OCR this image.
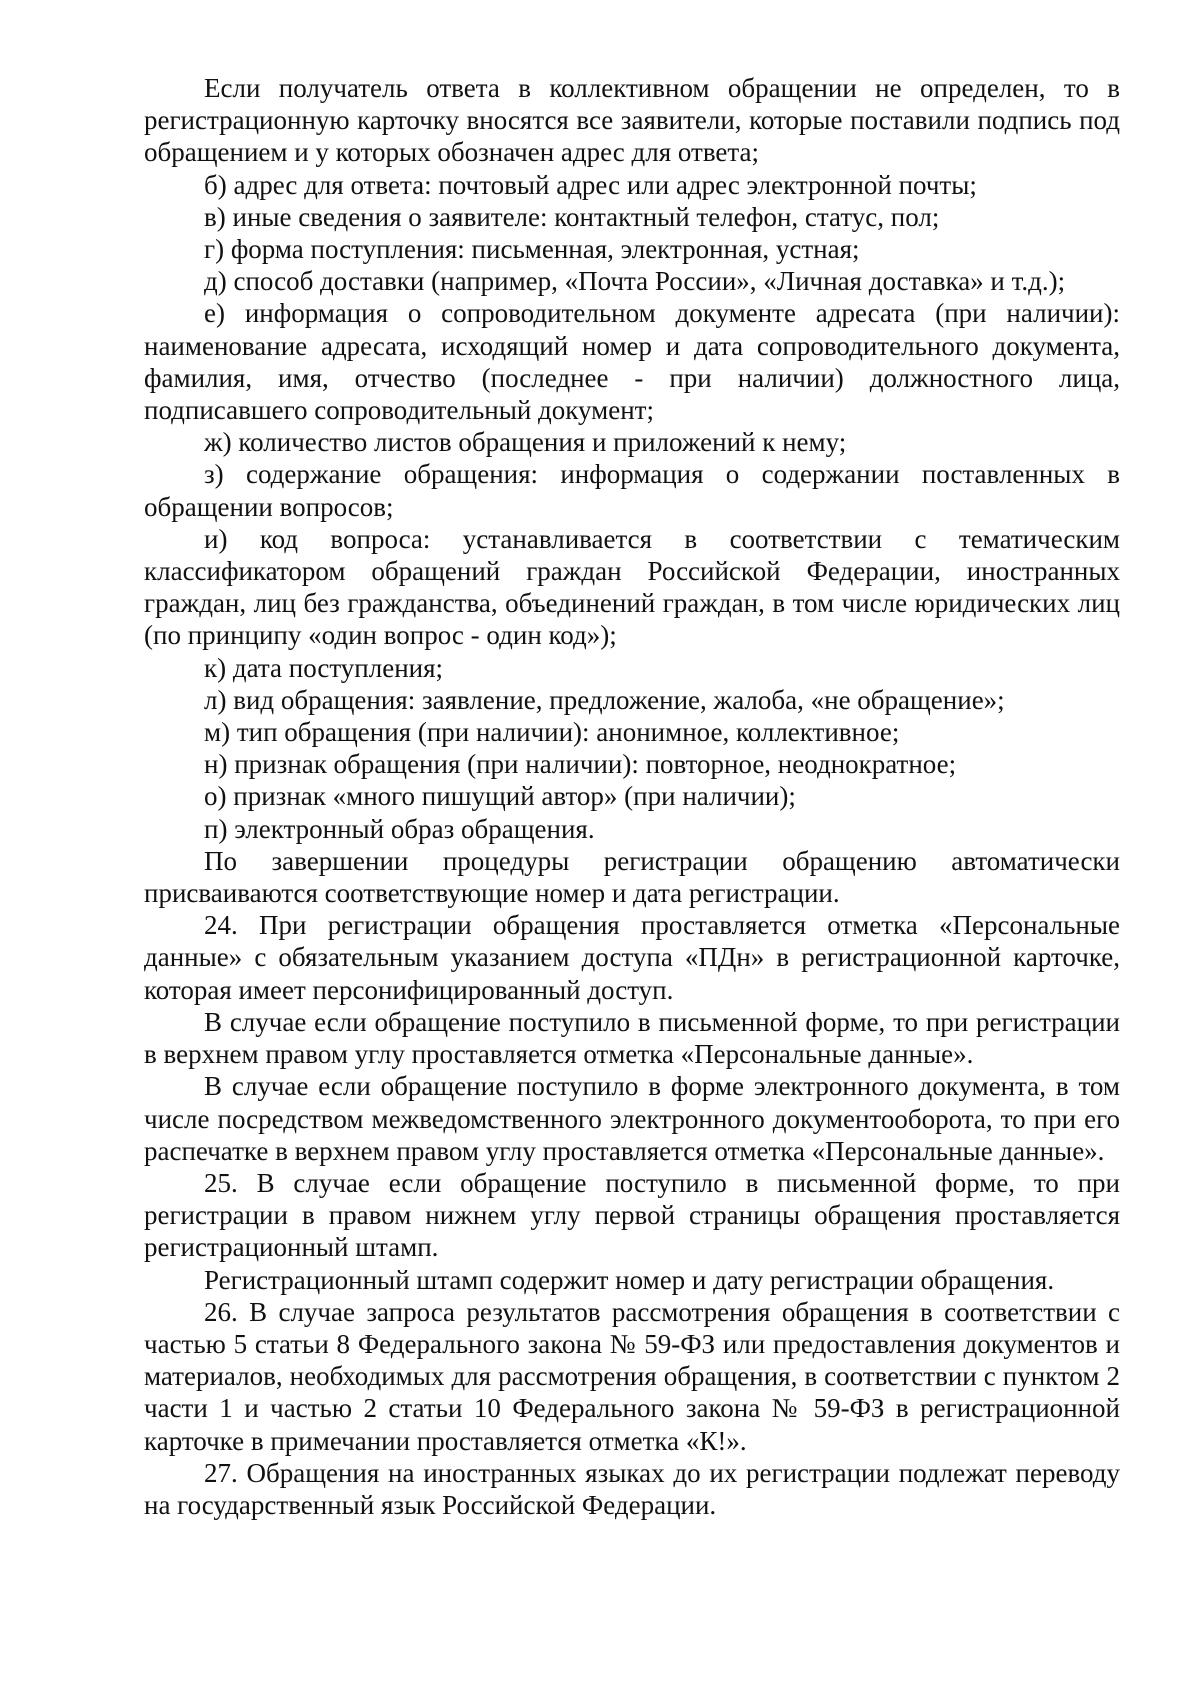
Если получатель ответа в коллективном обращении не определен, то в регистрационную карточку вносятся все заявители, которые поставили подпись под обращением и у которых обозначен адрес для ответа;

б) адрес для ответа: почтовый адрес или адрес электронной почты;

в) иные сведения о заявителе: контактный телефон, статус, пол;

г) форма поступления: письменная, электронная, устная;

д) способ доставки (например, «Почта России», «Личная доставка» и т.д.);

е) информация о сопроводительном документе адресата (при наличии): наименование адресата, исходящий номер и дата сопроводительного документа, фамилия, имя, отчество (последнее - при наличии) должностного лица, подписавшего сопроводительный документ;

ж) количество листов обращения и приложений к нему;

з) содержание обращения: информация о содержании поставленных в обращении вопросов;

и) код вопроса: устанавливается в соответствии с тематическим классификатором обращений граждан Российской Федерации, иностранных граждан, лиц без гражданства, объединений граждан, в том числе юридических лиц (по принципу «один вопрос - один код»);

к) дата поступления;

л) вид обращения: заявление, предложение, жалоба, «не обращение»;

м) тип обращения (при наличии): анонимное, коллективное;

н) признак обращения (при наличии): повторное, неоднократное;

о) признак «много пишущий автор» (при наличии);

п) электронный образ обращения.

По завершении процедуры регистрации обращению автоматически присваиваются соответствующие номер и дата регистрации.

24. При регистрации обращения проставляется отметка «Персональные данные» с обязательным указанием доступа «ПДн» в регистрационной карточке, которая имеет персонифицированный доступ.

В случае если обращение поступило в письменной форме, то при регистрации в верхнем правом углу проставляется отметка «Персональные данные».

В случае если обращение поступило в форме электронного документа, в том числе посредством межведомственного электронного документооборота, то при его распечатке в верхнем правом углу проставляется отметка «Персональные данные».

25. В случае если обращение поступило в письменной форме, то при регистрации в правом нижнем углу первой страницы обращения проставляется регистрационный штамп.

Регистрационный штамп содержит номер и дату регистрации обращения.

26. В случае запроса результатов рассмотрения обращения в соответствии с частью 5 статьи 8 Федерального закона № 59-ФЗ или предоставления документов и материалов, необходимых для рассмотрения обращения, в соответствии с пунктом 2 части 1 и частью 2 статьи 10 Федерального закона № 59-ФЗ в регистрационной карточке в примечании проставляется отметка «К!».

27. Обращения на иностранных языках до их регистрации подлежат переводу на государственный язык Российской Федерации.
